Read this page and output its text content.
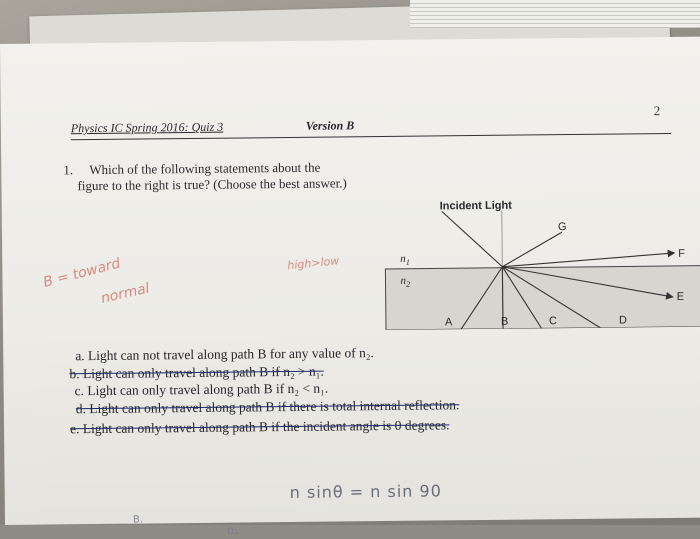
Physics IC Spring 2016: Quiz 3	Version B
2
1. Which of the following statements about the
figure to the right is true? (Choose the best answer.)
Incident Light
$n_1$
$n_2$
A	B	C	D
E
F
G
B = toward
normal
high>low
a. Light can not travel along path B for any value of n₂.
b. Light can only travel along path B if n₂ > n₁.
c. Light can only travel along path B if n₂ < n₁.
d. Light can only travel along path B if there is total internal reflection.
e. Light can only travel along path B if the incident angle is 0 degrees.
n sinθ = n sin 90
B.
n₁
